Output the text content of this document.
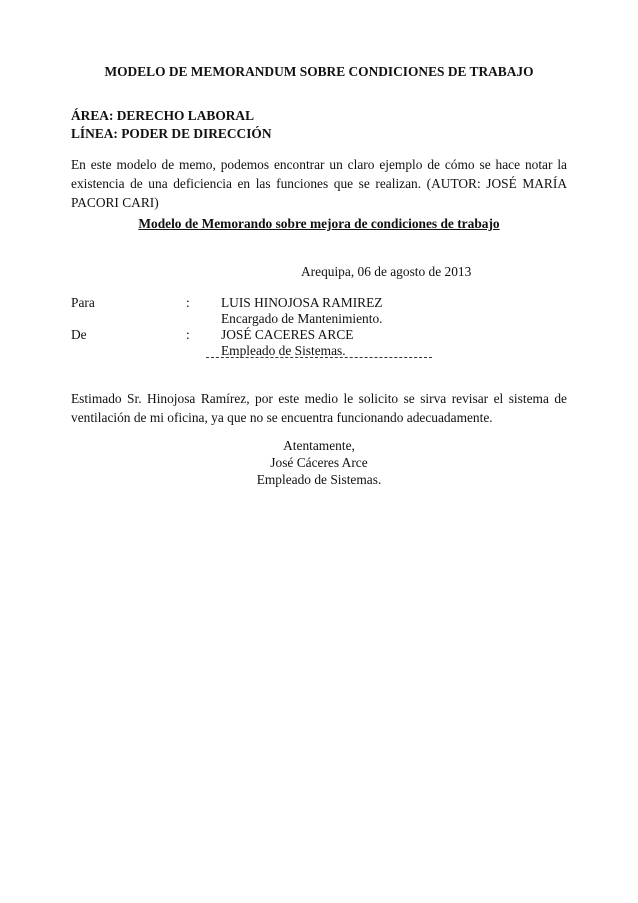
MODELO DE MEMORANDUM SOBRE CONDICIONES DE TRABAJO
ÁREA: DERECHO LABORAL
LÍNEA: PODER DE DIRECCIÓN
En este modelo de memo, podemos encontrar un claro ejemplo de cómo se hace notar la existencia de una deficiencia en las funciones que se realizan. (AUTOR: JOSÉ MARÍA PACORI CARI)
Modelo de Memorando sobre mejora de condiciones de trabajo
Arequipa, 06 de agosto de 2013
Para	: LUIS HINOJOSA RAMIREZ
Encargado de Mantenimiento.
De	: JOSÉ CACERES ARCE
Empleado de Sistemas.
Estimado Sr. Hinojosa Ramírez, por este medio le solicito se sirva revisar el sistema de ventilación de mi oficina, ya que no se encuentra funcionando adecuadamente.
Atentamente,
José Cáceres Arce
Empleado de Sistemas.
